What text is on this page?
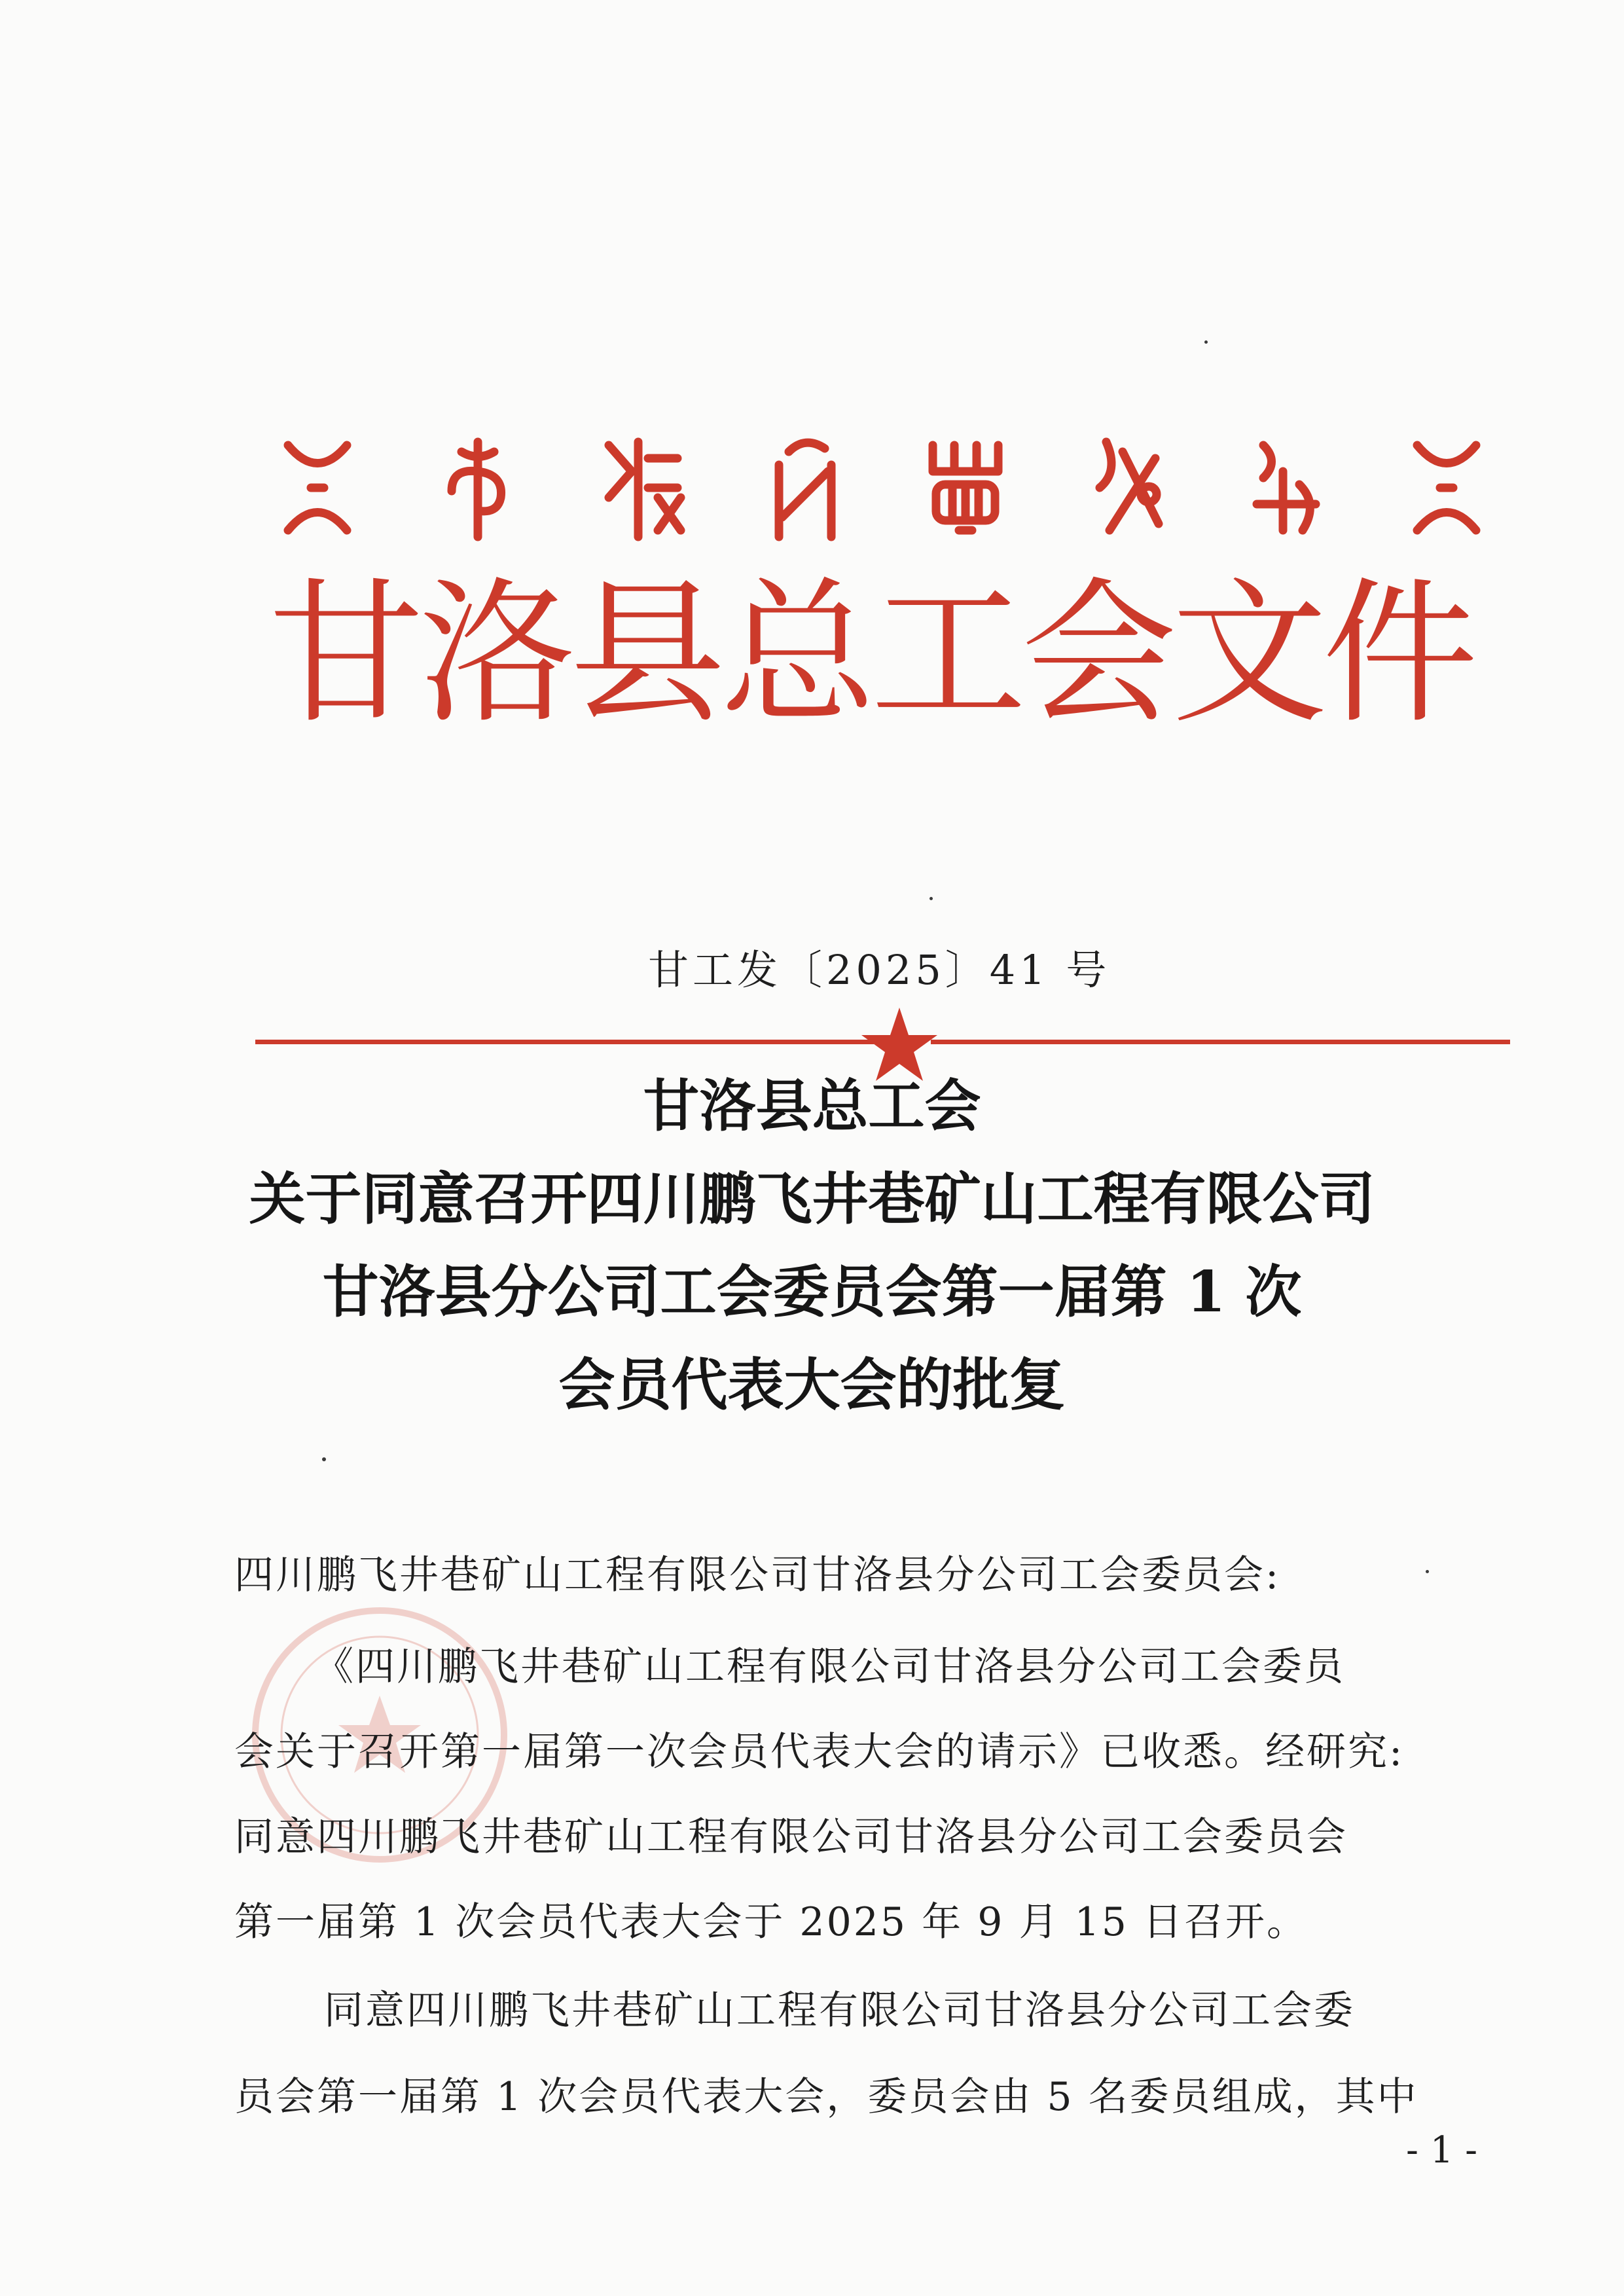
甘洛县总工会文件
甘工发〔2025〕41 号
甘洛县总工会
关于同意召开四川鹏飞井巷矿山工程有限公司
甘洛县分公司工会委员会第一届第 1 次
会员代表大会的批复
四川鹏飞井巷矿山工程有限公司甘洛县分公司工会委员会:
《四川鹏飞井巷矿山工程有限公司甘洛县分公司工会委员
会关于召开第一届第一次会员代表大会的请示》已收悉。经研究:
同意四川鹏飞井巷矿山工程有限公司甘洛县分公司工会委员会
第一届第 1 次会员代表大会于 2025 年 9 月 15 日召开。
同意四川鹏飞井巷矿山工程有限公司甘洛县分公司工会委
员会第一届第 1 次会员代表大会，委员会由 5 名委员组成，其中
- 1 -
